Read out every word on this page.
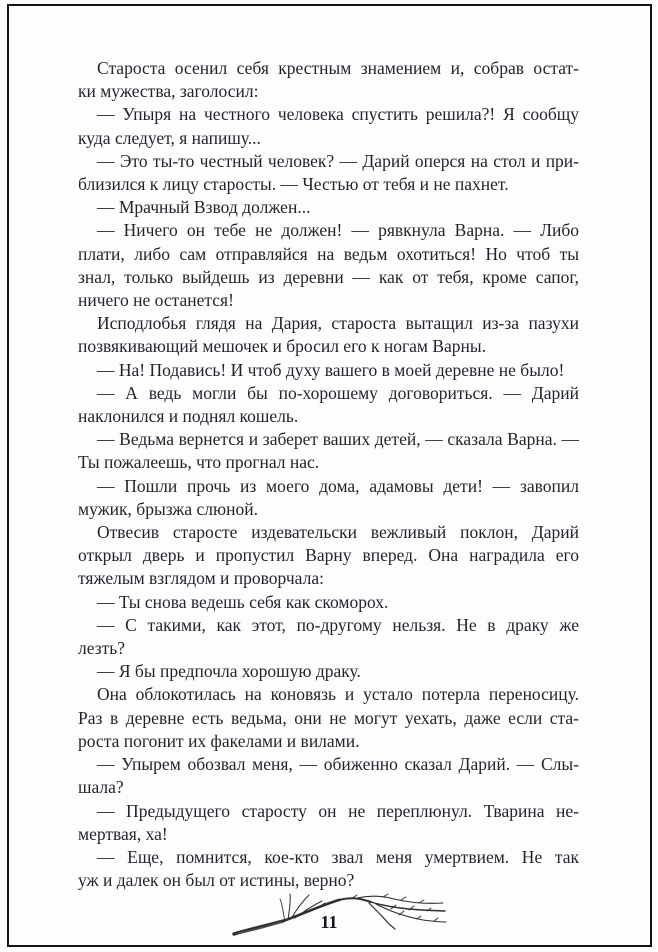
Староста осенил себя крестным знамением и, собрав остат-
ки мужества, заголосил:
— Упыря на честного человека спустить решила?! Я сообщу
куда следует, я напишу...
— Это ты-то честный человек? — Дарий оперся на стол и при-
близился к лицу старосты. — Честью от тебя и не пахнет.
— Мрачный Взвод должен...
— Ничего он тебе не должен! — рявкнула Варна. — Либо
плати, либо сам отправляйся на ведьм охотиться! Но чтоб ты
знал, только выйдешь из деревни — как от тебя, кроме сапог,
ничего не останется!
Исподлобья глядя на Дария, староста вытащил из-за пазухи
позвякивающий мешочек и бросил его к ногам Варны.
— На! Подавись! И чтоб духу вашего в моей деревне не было!
— А ведь могли бы по-хорошему договориться. — Дарий
наклонился и поднял кошель.
— Ведьма вернется и заберет ваших детей, — сказала Варна. —
Ты пожалеешь, что прогнал нас.
— Пошли прочь из моего дома, адамовы дети! — завопил
мужик, брызжа слюной.
Отвесив старосте издевательски вежливый поклон, Дарий
открыл дверь и пропустил Варну вперед. Она наградила его
тяжелым взглядом и проворчала:
— Ты снова ведешь себя как скоморох.
— С такими, как этот, по-другому нельзя. Не в драку же
лезть?
— Я бы предпочла хорошую драку.
Она облокотилась на коновязь и устало потерла переносицу.
Раз в деревне есть ведьма, они не могут уехать, даже если ста-
роста погонит их факелами и вилами.
— Упырем обозвал меня, — обиженно сказал Дарий. — Слы-
шала?
— Предыдущего старосту он не переплюнул. Тварина не-
мертвая, ха!
— Еще, помнится, кое-кто звал меня умертвием. Не так
уж и далек он был от истины, верно?
11
